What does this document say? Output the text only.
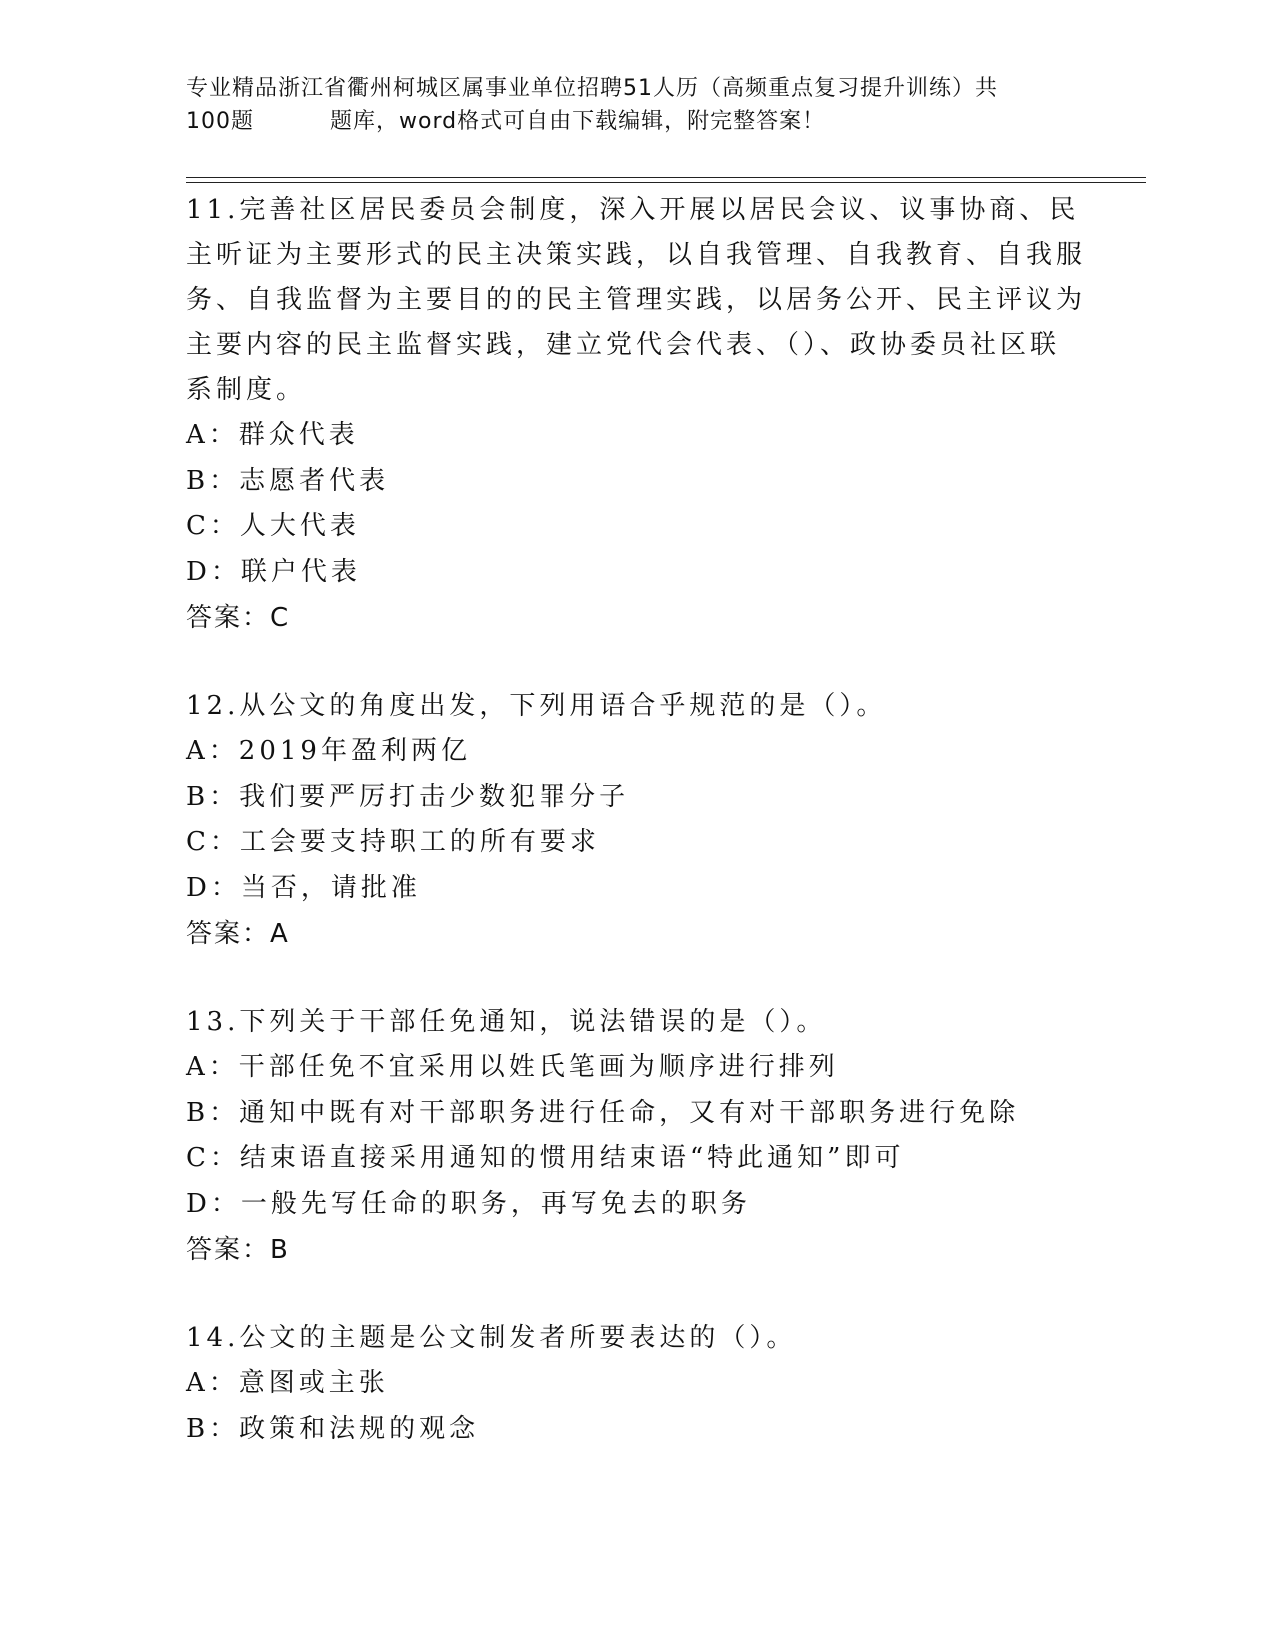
专业精品浙江省衢州柯城区属事业单位招聘51人历（高频重点复习提升训练）共
100题	题库，word格式可自由下载编辑，附完整答案！

11.完善社区居民委员会制度，深入开展以居民会议、议事协商、民主听证为主要形式的民主决策实践，以自我管理、自我教育、自我服务、自我监督为主要目的的民主管理实践，以居务公开、民主评议为主要内容的民主监督实践，建立党代会代表、（）、政协委员社区联系制度。

A：群众代表

B：志愿者代表

C：人大代表

D：联户代表

答案：C

12.从公文的角度出发，下列用语合乎规范的是（）。

A：2019年盈利两亿

B：我们要严厉打击少数犯罪分子

C：工会要支持职工的所有要求

D：当否，请批准

答案：A

13.下列关于干部任免通知，说法错误的是（）。

A：干部任免不宜采用以姓氏笔画为顺序进行排列

B：通知中既有对干部职务进行任命，又有对干部职务进行免除

C：结束语直接采用通知的惯用结束语“特此通知”即可

D：一般先写任命的职务，再写免去的职务

答案：B

14.公文的主题是公文制发者所要表达的（）。

A：意图或主张

B：政策和法规的观念
